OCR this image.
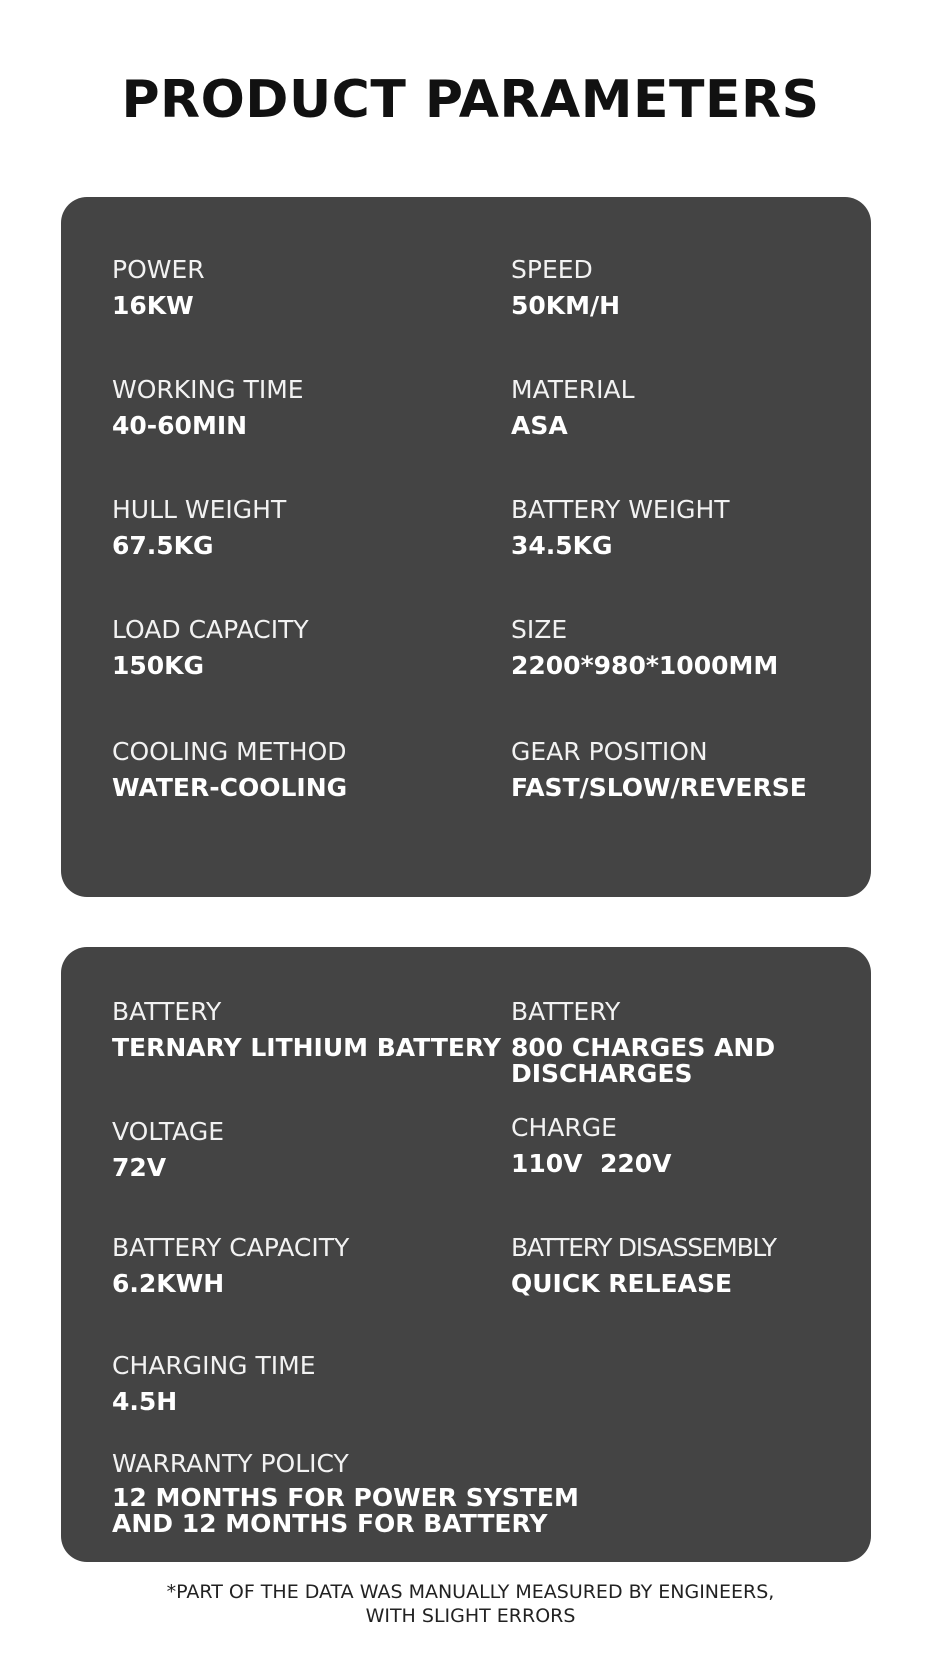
PRODUCT PARAMETERS
POWER
16KW
SPEED
50KM/H
WORKING TIME
40-60MIN
MATERIAL
ASA
HULL WEIGHT
67.5KG
BATTERY WEIGHT
34.5KG
LOAD CAPACITY
150KG
SIZE
2200*980*1000MM
COOLING METHOD
WATER-COOLING
GEAR POSITION
FAST/SLOW/REVERSE
BATTERY
TERNARY LITHIUM BATTERY
BATTERY
800 CHARGES AND DISCHARGES
VOLTAGE
72V
CHARGE
110V  220V
BATTERY CAPACITY
6.2KWH
BATTERY DISASSEMBLY
QUICK RELEASE
CHARGING TIME
4.5H
WARRANTY POLICY
12 MONTHS FOR POWER SYSTEM AND 12 MONTHS FOR BATTERY

*PART OF THE DATA WAS MANUALLY MEASURED BY ENGINEERS,
WITH SLIGHT ERRORS
